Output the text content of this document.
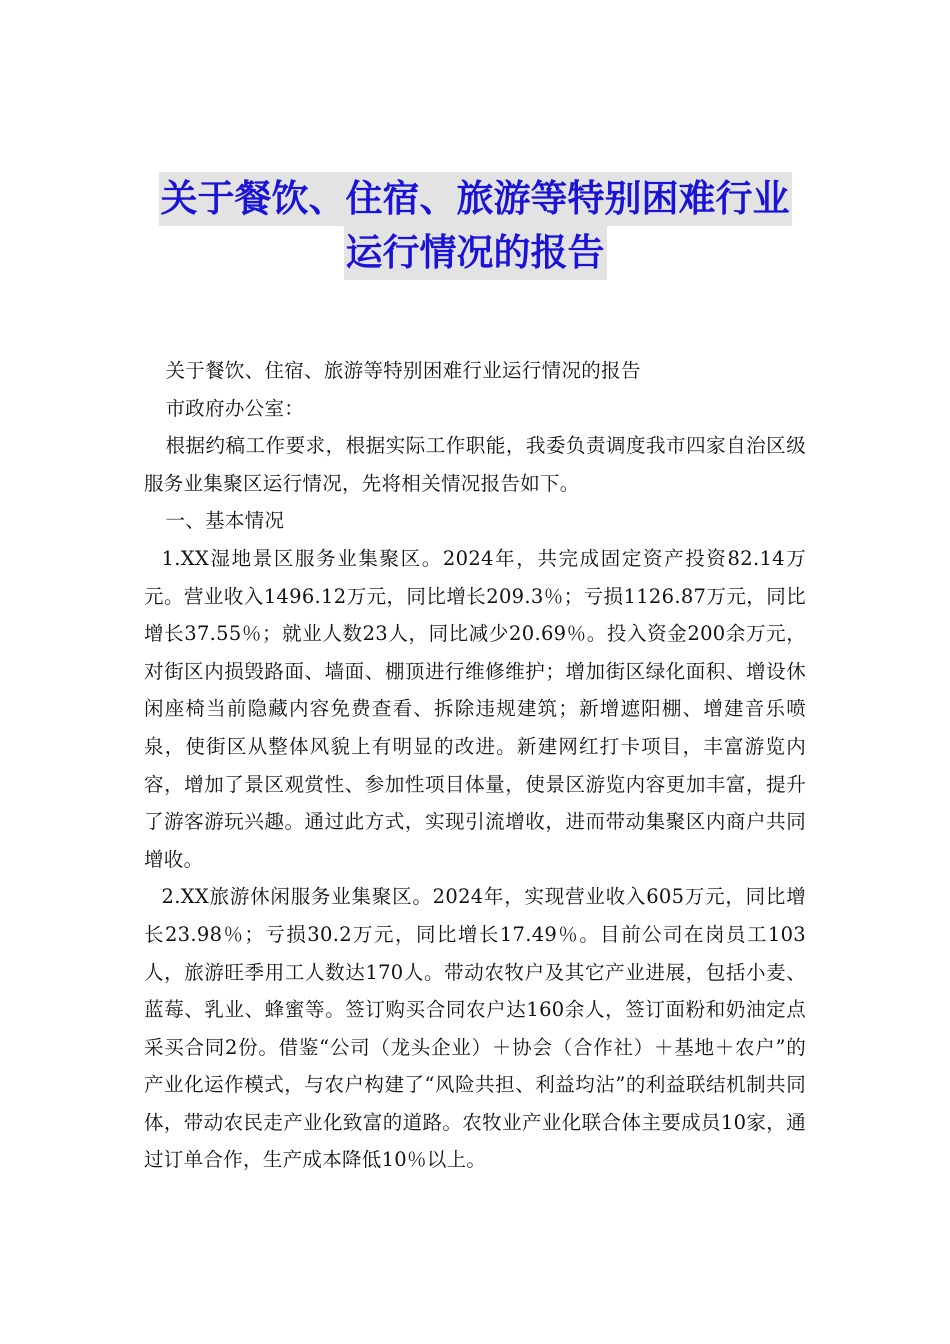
关于餐饮、住宿、旅游等特别困难行业
运行情况的报告

关于餐饮、住宿、旅游等特别困难行业运行情况的报告

市政府办公室：

根据约稿工作要求，根据实际工作职能，我委负责调度我市四家自治区级服务业集聚区运行情况，先将相关情况报告如下。

一、基本情况

1.XX湿地景区服务业集聚区。2024年，共完成固定资产投资82.14万元。营业收入1496.12万元，同比增长209.3％；亏损1126.87万元，同比增长37.55％；就业人数23人，同比减少20.69％。投入资金200余万元，对街区内损毁路面、墙面、棚顶进行维修维护；增加街区绿化面积、增设休闲座椅当前隐藏内容免费查看、拆除违规建筑；新增遮阳棚、增建音乐喷泉，使街区从整体风貌上有明显的改进。新建网红打卡项目，丰富游览内容，增加了景区观赏性、参加性项目体量，使景区游览内容更加丰富，提升了游客游玩兴趣。通过此方式，实现引流增收，进而带动集聚区内商户共同增收。

2.XX旅游休闲服务业集聚区。2024年，实现营业收入605万元，同比增长23.98％；亏损30.2万元，同比增长17.49％。目前公司在岗员工103人，旅游旺季用工人数达170人。带动农牧户及其它产业进展，包括小麦、蓝莓、乳业、蜂蜜等。签订购买合同农户达160余人，签订面粉和奶油定点采买合同2份。借鉴“公司（龙头企业）＋协会（合作社）＋基地＋农户”的产业化运作模式，与农户构建了“风险共担、利益均沾”的利益联结机制共同体，带动农民走产业化致富的道路。农牧业产业化联合体主要成员10家，通过订单合作，生产成本降低10％以上。
